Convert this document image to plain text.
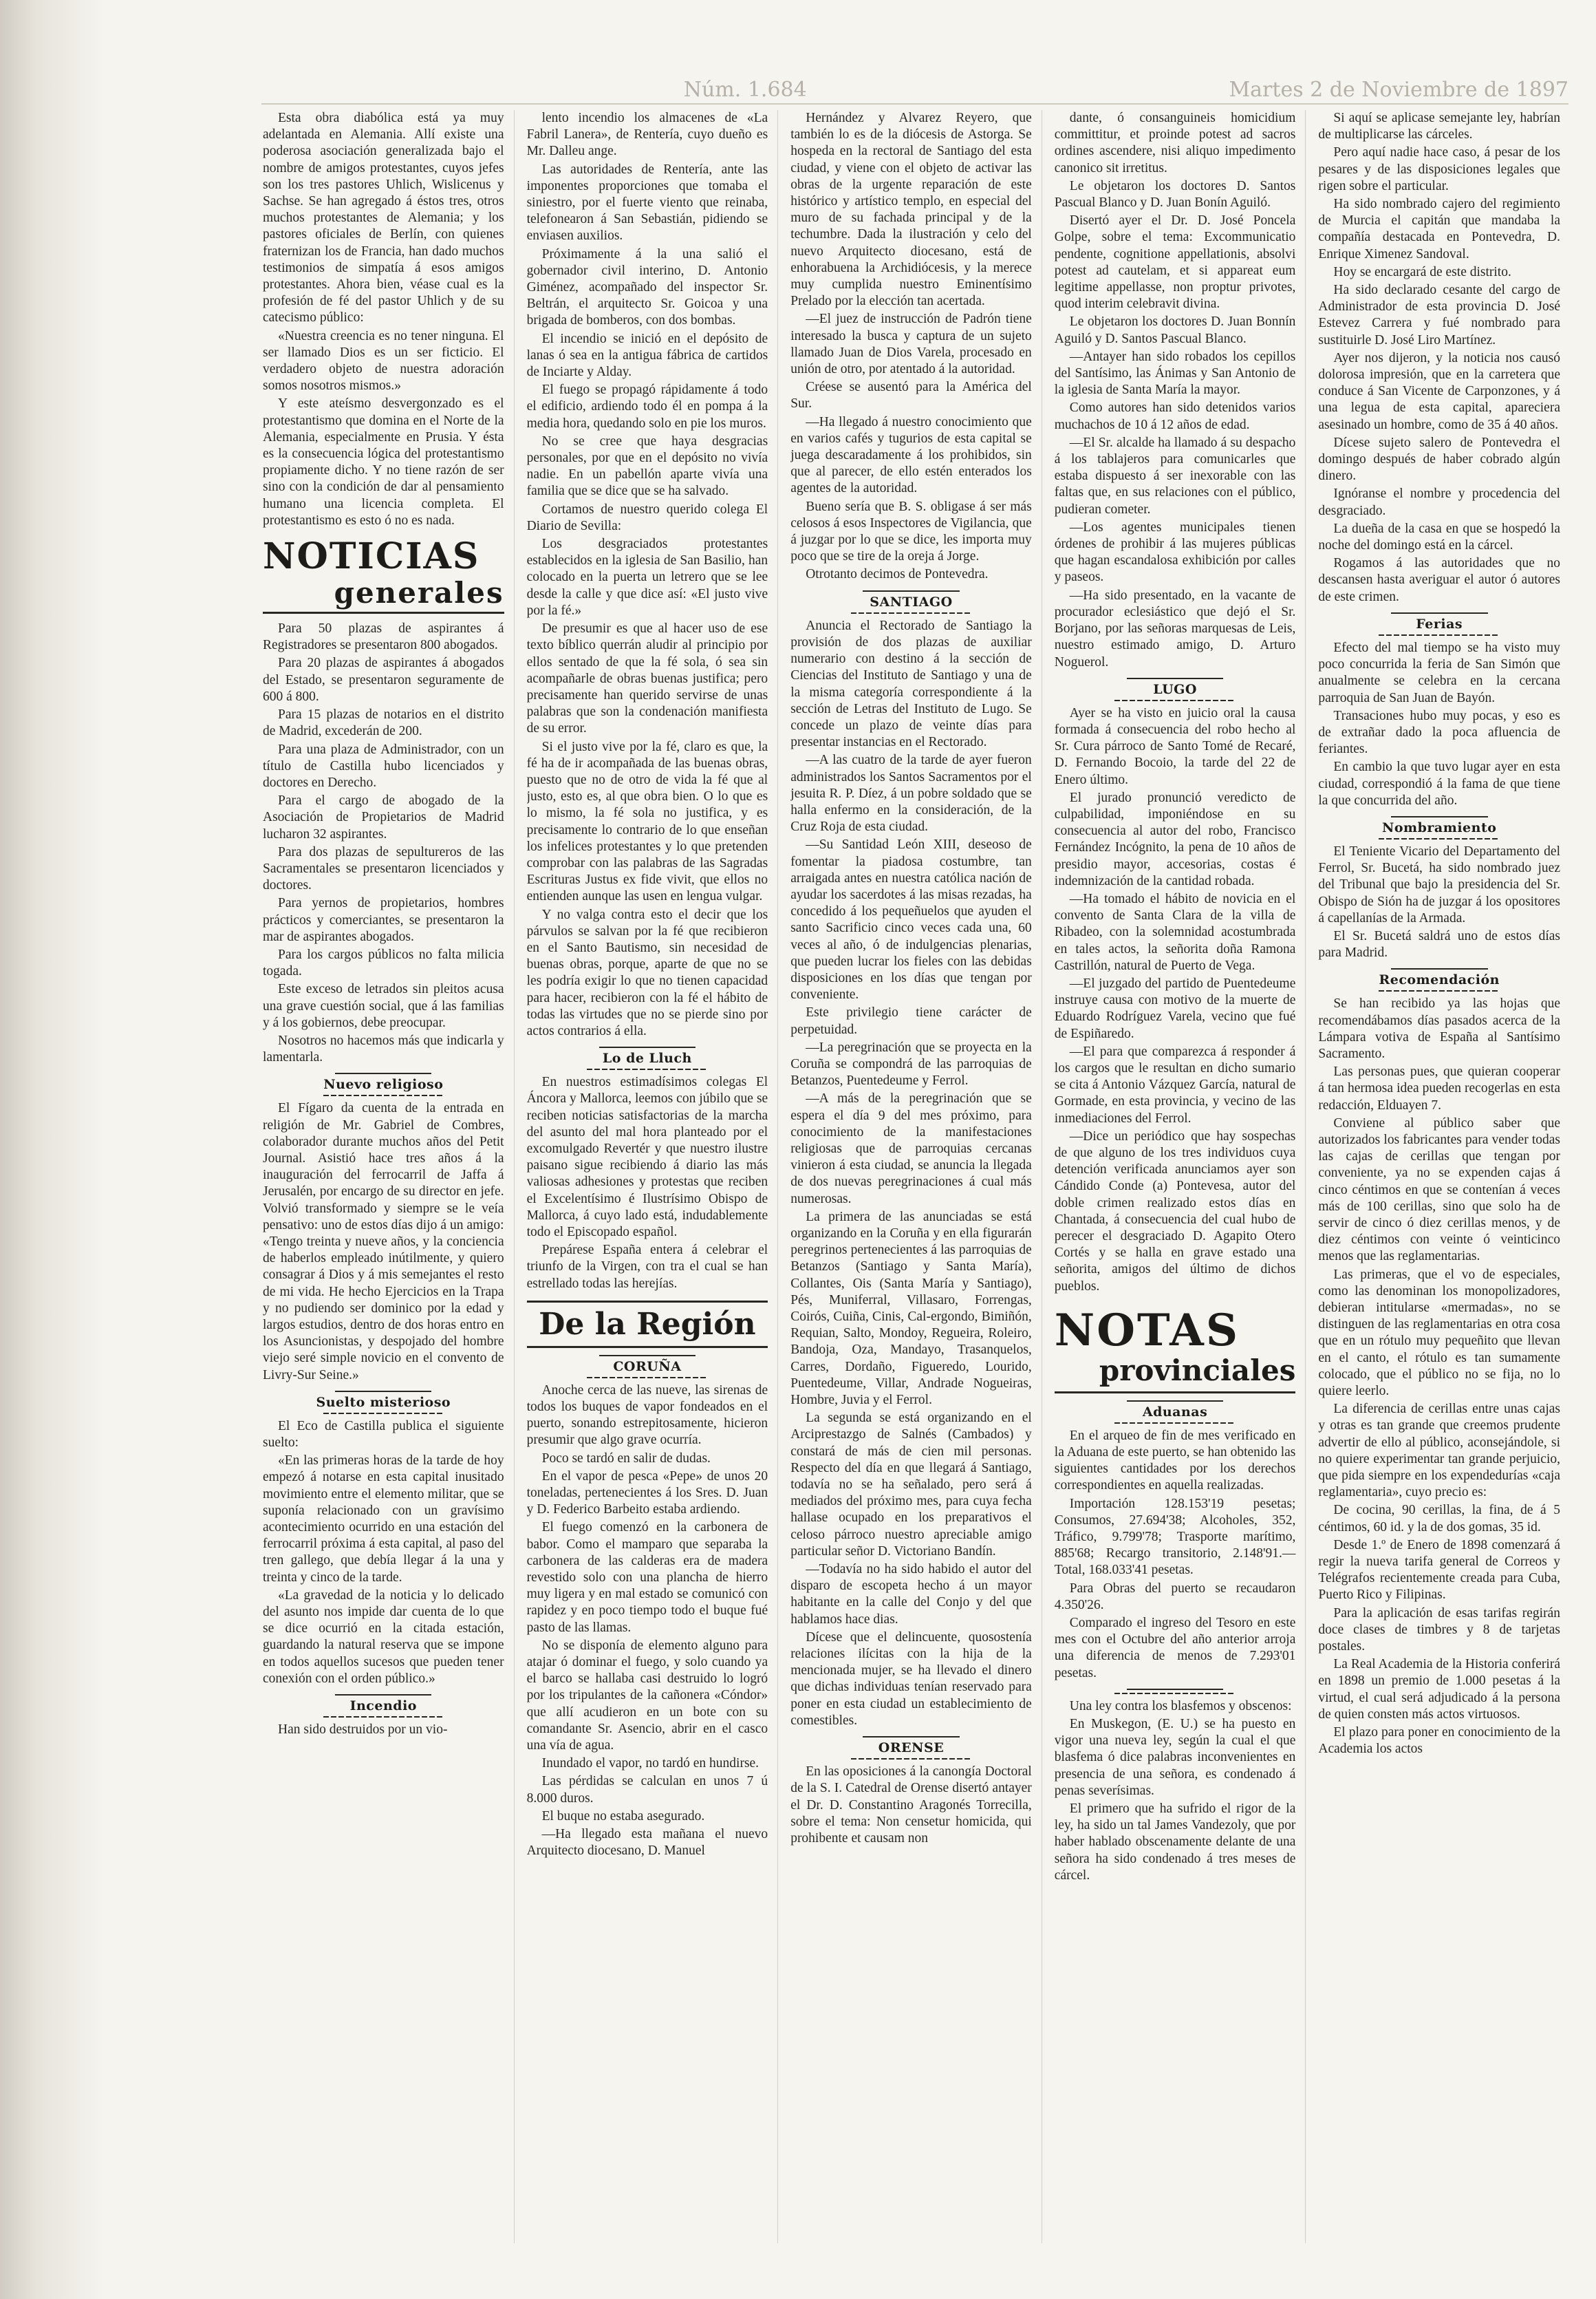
Núm. 1.684	Martes 2 de Noviembre de 1897

Esta obra diabólica está ya muy adelantada en Alemania. Allí existe una poderosa asociación generalizada bajo el nombre de amigos protestantes, cuyos jefes son los tres pastores Uhlich, Wislicenus y Sachse. Se han agregado á éstos tres, otros muchos protestantes de Alemania; y los pastores oficiales de Berlín, con quienes fraternizan los de Francia, han dado muchos testimonios de simpatía á esos amigos protestantes. Ahora bien, véase cual es la profesión de fé del pastor Uhlich y de su catecismo público:

«Nuestra creencia es no tener ninguna. El ser llamado Dios es un ser ficticio. El verdadero objeto de nuestra adoración somos nosotros mismos.»

Y este ateísmo desvergonzado es el protestantismo que domina en el Norte de la Alemania, especialmente en Prusia. Y ésta es la consecuencia lógica del protestantismo propiamente dicho. Y no tiene razón de ser sino con la condición de dar al pensamiento humano una licencia completa. El protestantismo es esto ó no es nada.

NOTICIAS
generales

Para 50 plazas de aspirantes á Registradores se presentaron 800 abogados.

Para 20 plazas de aspirantes á abogados del Estado, se presentaron seguramente de 600 á 800.

Para 15 plazas de notarios en el distrito de Madrid, excederán de 200.

Para una plaza de Administrador, con un título de Castilla hubo licenciados y doctores en Derecho.

Para el cargo de abogado de la Asociación de Propietarios de Madrid lucharon 32 aspirantes.

Para dos plazas de sepultureros de las Sacramentales se presentaron licenciados y doctores.

Para yernos de propietarios, hombres prácticos y comerciantes, se presentaron la mar de aspirantes abogados.

Para los cargos públicos no falta milicia togada.

Este exceso de letrados sin pleitos acusa una grave cuestión social, que á las familias y á los gobiernos, debe preocupar.

Nosotros no hacemos más que indicarla y lamentarla.

Nuevo religioso

El Fígaro da cuenta de la entrada en religión de Mr. Gabriel de Combres, colaborador durante muchos años del Petit Journal. Asistió hace tres años á la inauguración del ferrocarril de Jaffa á Jerusalén, por encargo de su director en jefe. Volvió transformado y siempre se le veía pensativo: uno de estos días dijo á un amigo: «Tengo treinta y nueve años, y la conciencia de haberlos empleado inútilmente, y quiero consagrar á Dios y á mis semejantes el resto de mi vida. He hecho Ejercicios en la Trapa y no pudiendo ser dominico por la edad y largos estudios, dentro de dos horas entro en los Asuncionistas, y despojado del hombre viejo seré simple novicio en el convento de Livry-Sur Seine.»

Suelto misterioso

El Eco de Castilla publica el siguiente suelto:

«En las primeras horas de la tarde de hoy empezó á notarse en esta capital inusitado movimiento entre el elemento militar, que se suponía relacionado con un gravísimo acontecimiento ocurrido en una estación del ferrocarril próxima á esta capital, al paso del tren gallego, que debía llegar á la una y treinta y cinco de la tarde.

«La gravedad de la noticia y lo delicado del asunto nos impide dar cuenta de lo que se dice ocurrió en la citada estación, guardando la natural reserva que se impone en todos aquellos sucesos que pueden tener conexión con el orden público.»

Incendio

Han sido destruidos por un vio-

lento incendio los almacenes de «La Fabril Lanera», de Rentería, cuyo dueño es Mr. Dalleu ange.

Las autoridades de Rentería, ante las imponentes proporciones que tomaba el siniestro, por el fuerte viento que reinaba, telefonearon á San Sebastián, pidiendo se enviasen auxilios.

Próximamente á la una salió el gobernador civil interino, D. Antonio Giménez, acompañado del inspector Sr. Beltrán, el arquitecto Sr. Goicoa y una brigada de bomberos, con dos bombas.

El incendio se inició en el depósito de lanas ó sea en la antigua fábrica de cartidos de Inciarte y Alday.

El fuego se propagó rápidamente á todo el edificio, ardiendo todo él en pompa á la media hora, quedando solo en pie los muros.

No se cree que haya desgracias personales, por que en el depósito no vivía nadie. En un pabellón aparte vivía una familia que se dice que se ha salvado.

Cortamos de nuestro querido colega El Diario de Sevilla:

Los desgraciados protestantes establecidos en la iglesia de San Basilio, han colocado en la puerta un letrero que se lee desde la calle y que dice así: «El justo vive por la fé.»

De presumir es que al hacer uso de ese texto bíblico querrán aludir al principio por ellos sentado de que la fé sola, ó sea sin acompañarle de obras buenas justifica; pero precisamente han querido servirse de unas palabras que son la condenación manifiesta de su error.

Si el justo vive por la fé, claro es que, la fé ha de ir acompañada de las buenas obras, puesto que no de otro de vida la fé que al justo, esto es, al que obra bien. O lo que es lo mismo, la fé sola no justifica, y es precisamente lo contrario de lo que enseñan los infelices protestantes y lo que pretenden comprobar con las palabras de las Sagradas Escrituras Justus ex fide vivit, que ellos no entienden aunque las usen en lengua vulgar.

Y no valga contra esto el decir que los párvulos se salvan por la fé que recibieron en el Santo Bautismo, sin necesidad de buenas obras, porque, aparte de que no se les podría exigir lo que no tienen capacidad para hacer, recibieron con la fé el hábito de todas las virtudes que no se pierde sino por actos contrarios á ella.

Lo de Lluch

En nuestros estimadísimos colegas El Áncora y Mallorca, leemos con júbilo que se reciben noticias satisfactorias de la marcha del asunto del mal hora planteado por el excomulgado Revertér y que nuestro ilustre paisano sigue recibiendo á diario las más valiosas adhesiones y protestas que reciben el Excelentísimo é Ilustrísimo Obispo de Mallorca, á cuyo lado está, indudablemente todo el Episcopado español.

Prepárese España entera á celebrar el triunfo de la Virgen, con tra el cual se han estrellado todas las herejías.

De la Región
CORUÑA

Anoche cerca de las nueve, las sirenas de todos los buques de vapor fondeados en el puerto, sonando estrepitosamente, hicieron presumir que algo grave ocurría.

Poco se tardó en salir de dudas.

En el vapor de pesca «Pepe» de unos 20 toneladas, pertenecientes á los Sres. D. Juan y D. Federico Barbeito estaba ardiendo.

El fuego comenzó en la carbonera de babor. Como el mamparo que separaba la carbonera de las calderas era de madera revestido solo con una plancha de hierro muy ligera y en mal estado se comunicó con rapidez y en poco tiempo todo el buque fué pasto de las llamas.

No se disponía de elemento alguno para atajar ó dominar el fuego, y solo cuando ya el barco se hallaba casi destruido lo logró por los tripulantes de la cañonera «Cóndor» que allí acudieron en un bote con su comandante Sr. Asencio, abrir en el casco una vía de agua.

Inundado el vapor, no tardó en hundirse.

Las pérdidas se calculan en unos 7 ú 8.000 duros.

El buque no estaba asegurado.

—Ha llegado esta mañana el nuevo Arquitecto diocesano, D. Manuel

Hernández y Alvarez Reyero, que también lo es de la diócesis de Astorga. Se hospeda en la rectoral de Santiago del esta ciudad, y viene con el objeto de activar las obras de la urgente reparación de este histórico y artístico templo, en especial del muro de su fachada principal y de la techumbre. Dada la ilustración y celo del nuevo Arquitecto diocesano, está de enhorabuena la Archidiócesis, y la merece muy cumplida nuestro Eminentísimo Prelado por la elección tan acertada.

—El juez de instrucción de Padrón tiene interesado la busca y captura de un sujeto llamado Juan de Dios Varela, procesado en unión de otro, por atentado á la autoridad.

Créese se ausentó para la América del Sur.

—Ha llegado á nuestro conocimiento que en varios cafés y tugurios de esta capital se juega descaradamente á los prohibidos, sin que al parecer, de ello estén enterados los agentes de la autoridad.

Bueno sería que B. S. obligase á ser más celosos á esos Inspectores de Vigilancia, que á juzgar por lo que se dice, les importa muy poco que se tire de la oreja á Jorge.

Otrotanto decimos de Pontevedra.

SANTIAGO

Anuncia el Rectorado de Santiago la provisión de dos plazas de auxiliar numerario con destino á la sección de Ciencias del Instituto de Santiago y una de la misma categoría correspondiente á la sección de Letras del Instituto de Lugo. Se concede un plazo de veinte días para presentar instancias en el Rectorado.

—A las cuatro de la tarde de ayer fueron administrados los Santos Sacramentos por el jesuita R. P. Díez, á un pobre soldado que se halla enfermo en la consideración, de la Cruz Roja de esta ciudad.

—Su Santidad León XIII, deseoso de fomentar la piadosa costumbre, tan arraigada antes en nuestra católica nación de ayudar los sacerdotes á las misas rezadas, ha concedido á los pequeñuelos que ayuden el santo Sacrificio cinco veces cada una, 60 veces al año, ó de indulgencias plenarias, que pueden lucrar los fieles con las debidas disposiciones en los días que tengan por conveniente.

Este privilegio tiene carácter de perpetuidad.

—La peregrinación que se proyecta en la Coruña se compondrá de las parroquias de Betanzos, Puentedeume y Ferrol.

—A más de la peregrinación que se espera el día 9 del mes próximo, para conocimiento de la manifestaciones religiosas que de parroquias cercanas vinieron á esta ciudad, se anuncia la llegada de dos nuevas peregrinaciones á cual más numerosas.

La primera de las anunciadas se está organizando en la Coruña y en ella figurarán peregrinos pertenecientes á las parroquias de Betanzos (Santiago y Santa María), Collantes, Ois (Santa María y Santiago), Pés, Muniferral, Villasaro, Forrengas, Coirós, Cuiña, Cinis, Cal-ergondo, Bimiñón, Requian, Salto, Mondoy, Regueira, Roleiro, Bandoja, Oza, Mandayo, Trasanquelos, Carres, Dordaño, Figueredo, Lourido, Puentedeume, Villar, Andrade Nogueiras, Hombre, Juvia y el Ferrol.

La segunda se está organizando en el Arciprestazgo de Salnés (Cambados) y constará de más de cien mil personas. Respecto del día en que llegará á Santiago, todavía no se ha señalado, pero será á mediados del próximo mes, para cuya fecha hallase ocupado en los preparativos el celoso párroco nuestro apreciable amigo particular señor D. Victoriano Bandín.

—Todavía no ha sido habido el autor del disparo de escopeta hecho á un mayor habitante en la calle del Conjo y del que hablamos hace dias.

Dícese que el delincuente, quosostenía relaciones ilícitas con la hija de la mencionada mujer, se ha llevado el dinero que dichas individuas tenían reservado para poner en esta ciudad un establecimiento de comestibles.

ORENSE

En las oposiciones á la canongía Doctoral de la S. I. Catedral de Orense disertó antayer el Dr. D. Constantino Aragonés Torrecilla, sobre el tema: Non censetur homicida, qui prohibente et causam non

dante, ó consanguineis homicidium committitur, et proinde potest ad sacros ordines ascendere, nisi aliquo impedimento canonico sit irretitus.

Le objetaron los doctores D. Santos Pascual Blanco y D. Juan Bonín Aguiló.

Disertó ayer el Dr. D. José Poncela Golpe, sobre el tema: Excommunicatio pendente, cognitione appellationis, absolvi potest ad cautelam, et si appareat eum legitime appellasse, non proptur privotes, quod interim celebravit divina.

Le objetaron los doctores D. Juan Bonnín Aguiló y D. Santos Pascual Blanco.

—Antayer han sido robados los cepillos del Santísimo, las Ánimas y San Antonio de la iglesia de Santa María la mayor.

Como autores han sido detenidos varios muchachos de 10 á 12 años de edad.

—El Sr. alcalde ha llamado á su despacho á los tablajeros para comunicarles que estaba dispuesto á ser inexorable con las faltas que, en sus relaciones con el público, pudieran cometer.

—Los agentes municipales tienen órdenes de prohibir á las mujeres públicas que hagan escandalosa exhibición por calles y paseos.

—Ha sido presentado, en la vacante de procurador eclesiástico que dejó el Sr. Borjano, por las señoras marquesas de Leis, nuestro estimado amigo, D. Arturo Noguerol.

LUGO

Ayer se ha visto en juicio oral la causa formada á consecuencia del robo hecho al Sr. Cura párroco de Santo Tomé de Recaré, D. Fernando Bocoio, la tarde del 22 de Enero último.

El jurado pronunció veredicto de culpabilidad, imponiéndose en su consecuencia al autor del robo, Francisco Fernández Incógnito, la pena de 10 años de presidio mayor, accesorias, costas é indemnización de la cantidad robada.

—Ha tomado el hábito de novicia en el convento de Santa Clara de la villa de Ribadeo, con la solemnidad acostumbrada en tales actos, la señorita doña Ramona Castrillón, natural de Puerto de Vega.

—El juzgado del partido de Puentedeume instruye causa con motivo de la muerte de Eduardo Rodríguez Varela, vecino que fué de Espiñaredo.

—El para que comparezca á responder á los cargos que le resultan en dicho sumario se cita á Antonio Vázquez García, natural de Gormade, en esta provincia, y vecino de las inmediaciones del Ferrol.

—Dice un periódico que hay sospechas de que alguno de los tres individuos cuya detención verificada anunciamos ayer son Cándido Conde (a) Pontevesa, autor del doble crimen realizado estos días en Chantada, á consecuencia del cual hubo de perecer el desgraciado D. Agapito Otero Cortés y se halla en grave estado una señorita, amigos del último de dichos pueblos.

NOTAS
provinciales
Aduanas

En el arqueo de fin de mes verificado en la Aduana de este puerto, se han obtenido las siguientes cantidades por los derechos correspondientes en aquella realizadas.

Importación 128.153'19 pesetas; Consumos, 27.694'38; Alcoholes, 352, Tráfico, 9.799'78; Trasporte marítimo, 885'68; Recargo transitorio, 2.148'91.—Total, 168.033'41 pesetas.

Para Obras del puerto se recaudaron 4.350'26.

Comparado el ingreso del Tesoro en este mes con el Octubre del año anterior arroja una diferencia de menos de 7.293'01 pesetas.

Una ley contra los blasfemos y obscenos:

En Muskegon, (E. U.) se ha puesto en vigor una nueva ley, según la cual el que blasfema ó dice palabras inconvenientes en presencia de una señora, es condenado á penas severísimas.

El primero que ha sufrido el rigor de la ley, ha sido un tal James Vandezoly, que por haber hablado obscenamente delante de una señora ha sido condenado á tres meses de cárcel.

Si aquí se aplicase semejante ley, habrían de multiplicarse las cárceles.

Pero aquí nadie hace caso, á pesar de los pesares y de las disposiciones legales que rigen sobre el particular.

Ha sido nombrado cajero del regimiento de Murcia el capitán que mandaba la compañía destacada en Pontevedra, D. Enrique Ximenez Sandoval.

Hoy se encargará de este distrito.

Ha sido declarado cesante del cargo de Administrador de esta provincia D. José Estevez Carrera y fué nombrado para sustituirle D. José Liro Martínez.

Ayer nos dijeron, y la noticia nos causó dolorosa impresión, que en la carretera que conduce á San Vicente de Carponzones, y á una legua de esta capital, apareciera asesinado un hombre, como de 35 á 40 años.

Dícese sujeto salero de Pontevedra el domingo después de haber cobrado algún dinero.

Ignóranse el nombre y procedencia del desgraciado.

La dueña de la casa en que se hospedó la noche del domingo está en la cárcel.

Rogamos á las autoridades que no descansen hasta averiguar el autor ó autores de este crimen.

Ferias

Efecto del mal tiempo se ha visto muy poco concurrida la feria de San Simón que anualmente se celebra en la cercana parroquia de San Juan de Bayón.

Transaciones hubo muy pocas, y eso es de extrañar dado la poca afluencia de feriantes.

En cambio la que tuvo lugar ayer en esta ciudad, correspondió á la fama de que tiene la que concurrida del año.

Nombramiento

El Teniente Vicario del Departamento del Ferrol, Sr. Bucetá, ha sido nombrado juez del Tribunal que bajo la presidencia del Sr. Obispo de Sión ha de juzgar á los opositores á capellanías de la Armada.

El Sr. Bucetá saldrá uno de estos días para Madrid.

Recomendación

Se han recibido ya las hojas que recomendábamos días pasados acerca de la Lámpara votiva de España al Santísimo Sacramento.

Las personas pues, que quieran cooperar á tan hermosa idea pueden recogerlas en esta redacción, Elduayen 7.

Conviene al público saber que autorizados los fabricantes para vender todas las cajas de cerillas que tengan por conveniente, ya no se expenden cajas á cinco céntimos en que se contenían á veces más de 100 cerillas, sino que solo ha de servir de cinco ó diez cerillas menos, y de diez céntimos con veinte ó veinticinco menos que las reglamentarias.

Las primeras, que el vo de especiales, como las denominan los monopolizadores, debieran intitularse «mermadas», no se distinguen de las reglamentarias en otra cosa que en un rótulo muy pequeñito que llevan en el canto, el rótulo es tan sumamente colocado, que el público no se fija, no lo quiere leerlo.

La diferencia de cerillas entre unas cajas y otras es tan grande que creemos prudente advertir de ello al público, aconsejándole, si no quiere experimentar tan grande perjuicio, que pida siempre en los expendedurías «caja reglamentaria», cuyo precio es:

De cocina, 90 cerillas, la fina, de á 5 céntimos, 60 id. y la de dos gomas, 35 id.

Desde 1.º de Enero de 1898 comenzará á regir la nueva tarifa general de Correos y Telégrafos recientemente creada para Cuba, Puerto Rico y Filipinas.

Para la aplicación de esas tarifas regirán doce clases de timbres y 8 de tarjetas postales.

La Real Academia de la Historia conferirá en 1898 un premio de 1.000 pesetas á la virtud, el cual será adjudicado á la persona de quien consten más actos virtuosos.

El plazo para poner en conocimiento de la Academia los actos
